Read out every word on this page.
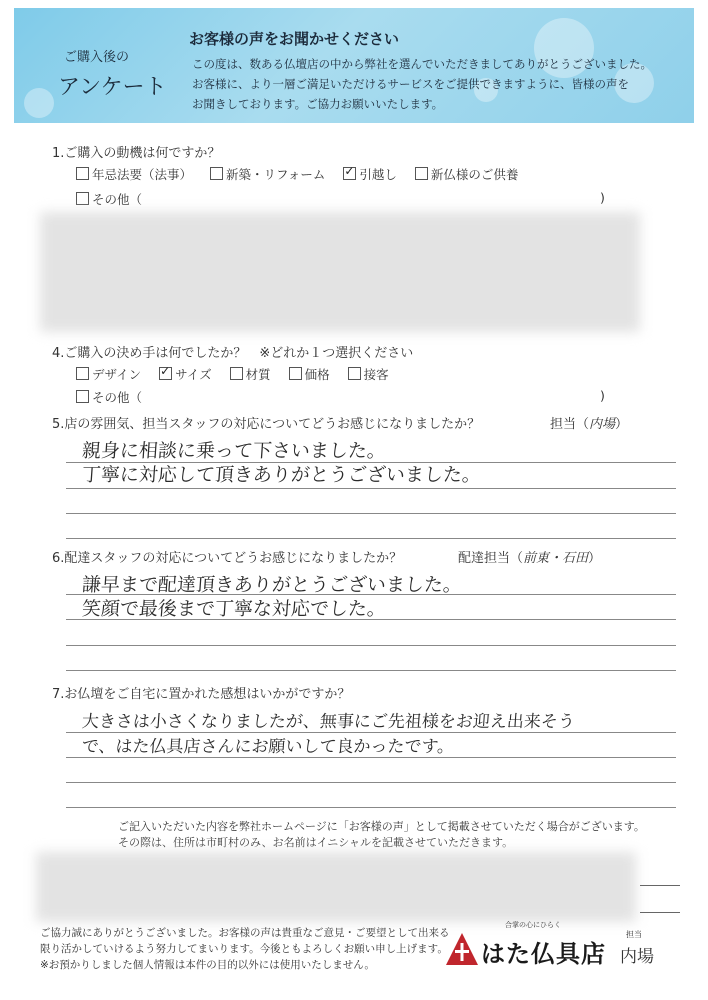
ご購入後の
アンケート
お客様の声をお聞かせください
この度は、数ある仏壇店の中から弊社を選んでいただきましてありがとうございました。
お客様に、より一層ご満足いただけるサービスをご提供できますように、皆様の声を
お聞きしております。ご協力お願いいたします。
1.ご購入の動機は何ですか？
年忌法要（法事）	新築・リフォーム ✓	引越し	新仏様のご供養
その他（	)
4.ご購入の決め手は何でしたか？　※どれか１つ選択ください
デザイン ✓	サイズ	材質	価格	接客
その他（	)
5.店の雰囲気、担当スタッフの対応についてどうお感じになりましたか？	担当（内場）
親身に相談に乗って下さいました。
丁寧に対応して頂きありがとうございました。
6.配達スタッフの対応についてどうお感じになりましたか？	配達担当（前東・石田）
謙早まで配達頂きありがとうございました。
笑顔で最後まで丁寧な対応でした。
7.お仏壇をご自宅に置かれた感想はいかがですか？
大きさは小さくなりましたが、無事にご先祖様をお迎え出来そう
で、はた仏具店さんにお願いして良かったです。
ご記入いただいた内容を弊社ホームページに「お客様の声」として掲載させていただく場合がございます。
その際は、住所は市町村のみ、お名前はイニシャルを記載させていただきます。
ご協力誠にありがとうございました。お客様の声は貴重なご意見・ご要望として出来る
限り活かしていけるよう努力してまいります。今後ともよろしくお願い申し上げます。
※お預かりしました個人情報は本件の目的以外には使用いたしません。
合掌の心にひらく
はた仏具店
担当
内場
